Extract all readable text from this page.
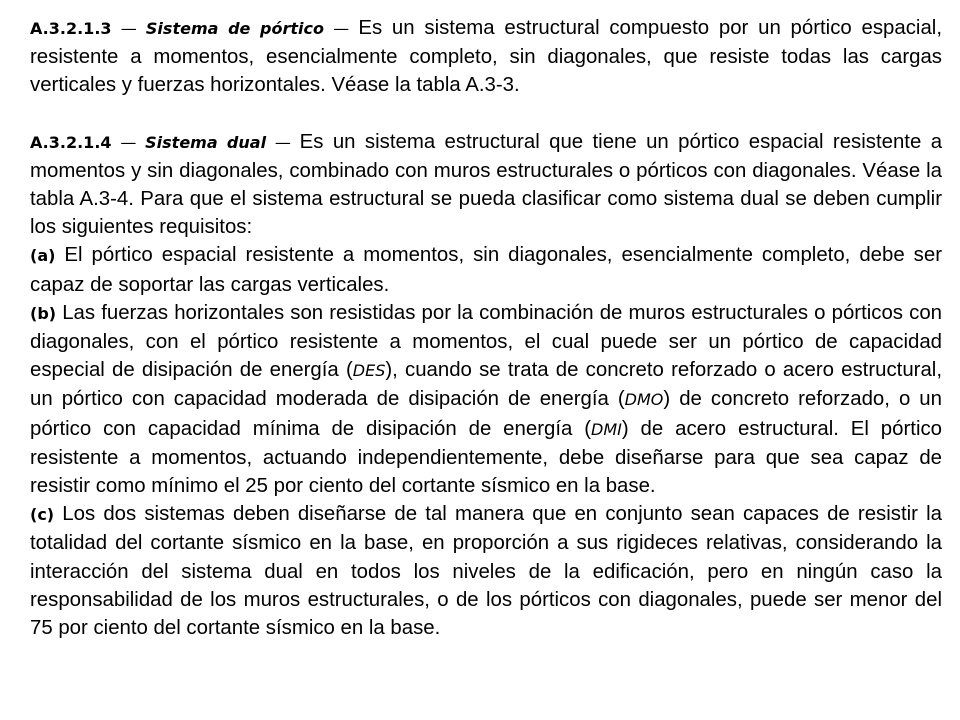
A.3.2.1.3 — Sistema de pórtico — Es un sistema estructural compuesto por un pórtico espacial, resistente a momentos, esencialmente completo, sin diagonales, que resiste todas las cargas verticales y fuerzas horizontales. Véase la tabla A.3-3.

A.3.2.1.4 — Sistema dual — Es un sistema estructural que tiene un pórtico espacial resistente a momentos y sin diagonales, combinado con muros estructurales o pórticos con diagonales. Véase la tabla A.3-4. Para que el sistema estructural se pueda clasificar como sistema dual se deben cumplir los siguientes requisitos:

(a) El pórtico espacial resistente a momentos, sin diagonales, esencialmente completo, debe ser capaz de soportar las cargas verticales.

(b) Las fuerzas horizontales son resistidas por la combinación de muros estructurales o pórticos con diagonales, con el pórtico resistente a momentos, el cual puede ser un pórtico de capacidad especial de disipación de energía (DES), cuando se trata de concreto reforzado o acero estructural, un pórtico con capacidad moderada de disipación de energía (DMO) de concreto reforzado, o un pórtico con capacidad mínima de disipación de energía (DMI) de acero estructural. El pórtico resistente a momentos, actuando independientemente, debe diseñarse para que sea capaz de resistir como mínimo el 25 por ciento del cortante sísmico en la base.

(c) Los dos sistemas deben diseñarse de tal manera que en conjunto sean capaces de resistir la totalidad del cortante sísmico en la base, en proporción a sus rigideces relativas, considerando la interacción del sistema dual en todos los niveles de la edificación, pero en ningún caso la responsabilidad de los muros estructurales, o de los pórticos con diagonales, puede ser menor del 75 por ciento del cortante sísmico en la base.
